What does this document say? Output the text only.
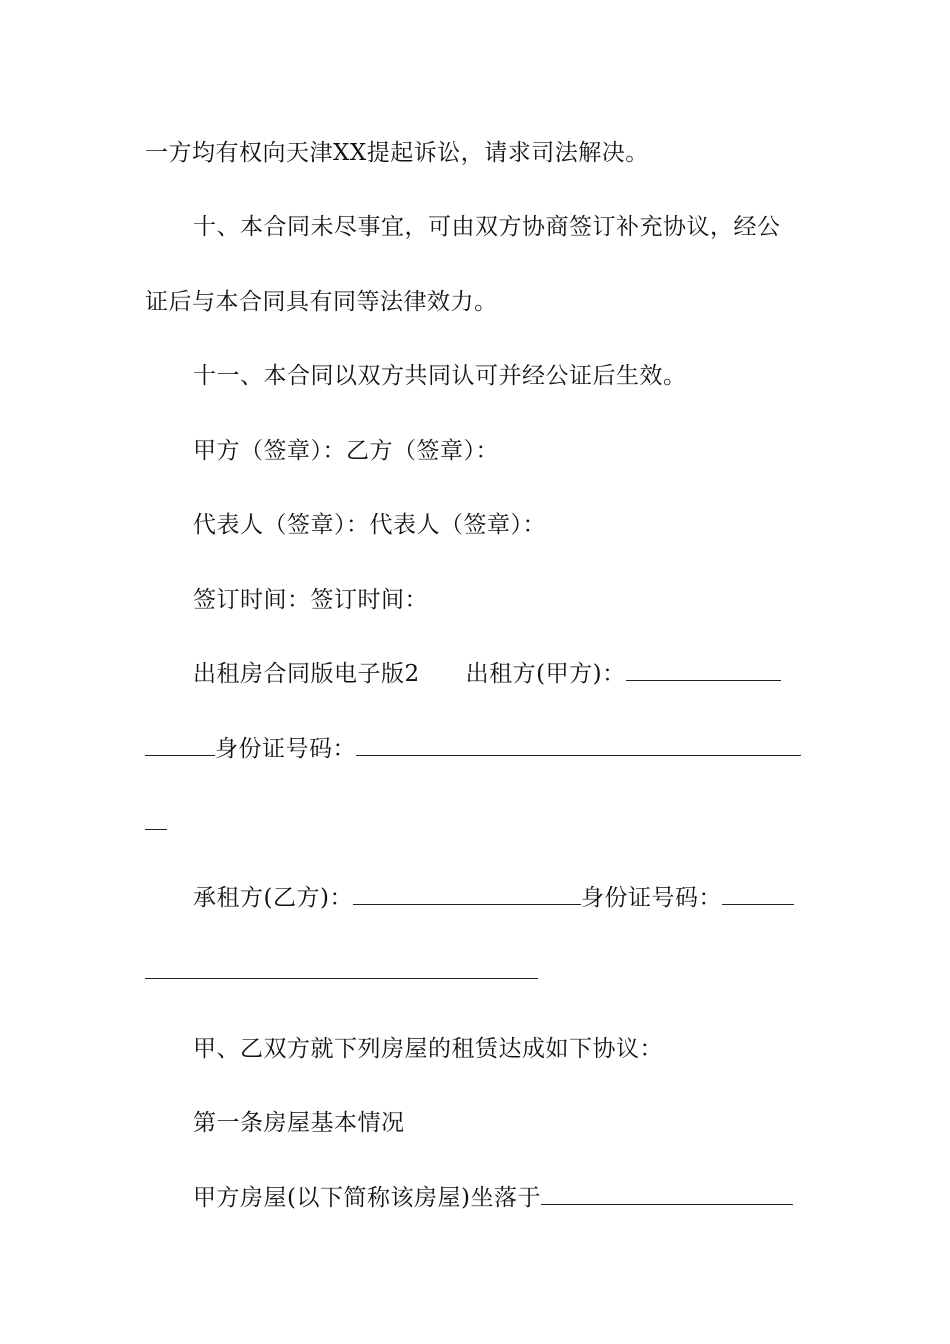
一方均有权向天津XX提起诉讼，请求司法解决。
十、本合同未尽事宜，可由双方协商签订补充协议，经公
证后与本合同具有同等法律效力。
十一、本合同以双方共同认可并经公证后生效。
甲方（签章）：乙方（签章）：
代表人（签章）：代表人（签章）：
签订时间：签订时间：
出租房合同版电子版2 出租方(甲方)：
身份证号码：
承租方(乙方)：	身份证号码：
甲、乙双方就下列房屋的租赁达成如下协议：
第一条房屋基本情况
甲方房屋(以下简称该房屋)坐落于
